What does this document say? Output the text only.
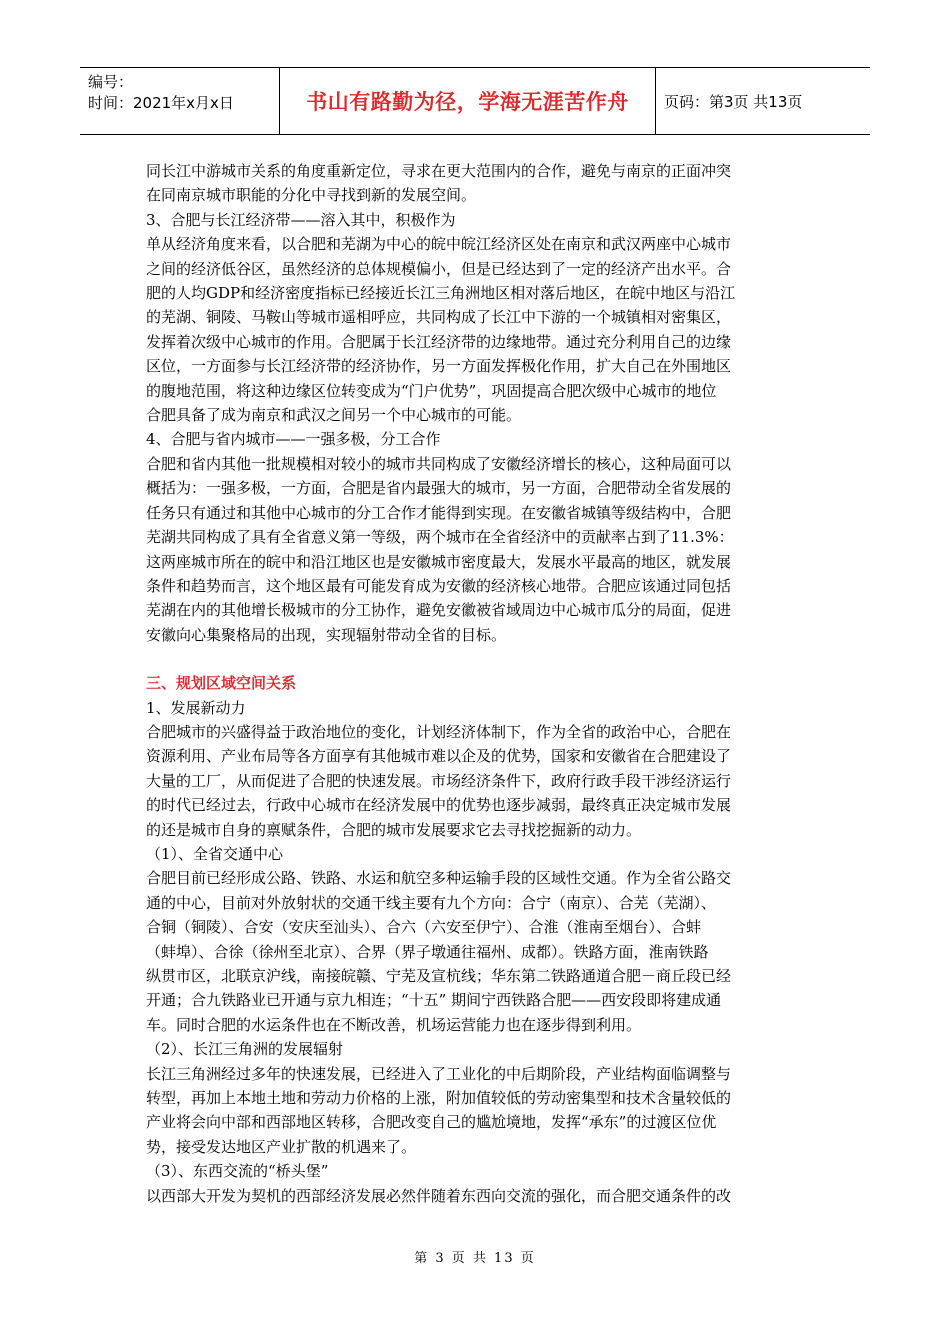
编号：
时间：2021年x月x日	书山有路勤为径，学海无涯苦作舟	页码：第3页 共13页

同长江中游城市关系的角度重新定位，寻求在更大范围内的合作，避免与南京的正面冲突

在同南京城市职能的分化中寻找到新的发展空间。

3、合肥与长江经济带——溶入其中，积极作为

单从经济角度来看，以合肥和芜湖为中心的皖中皖江经济区处在南京和武汉两座中心城市

之间的经济低谷区，虽然经济的总体规模偏小，但是已经达到了一定的经济产出水平。合

肥的人均GDP和经济密度指标已经接近长江三角洲地区相对落后地区，在皖中地区与沿江

的芜湖、铜陵、马鞍山等城市遥相呼应，共同构成了长江中下游的一个城镇相对密集区，

发挥着次级中心城市的作用。合肥属于长江经济带的边缘地带。通过充分利用自己的边缘

区位，一方面参与长江经济带的经济协作，另一方面发挥极化作用，扩大自己在外围地区

的腹地范围，将这种边缘区位转变成为“门户优势”，巩固提高合肥次级中心城市的地位

合肥具备了成为南京和武汉之间另一个中心城市的可能。

4、合肥与省内城市——一强多极，分工合作

合肥和省内其他一批规模相对较小的城市共同构成了安徽经济增长的核心，这种局面可以

概括为：一强多极，一方面，合肥是省内最强大的城市，另一方面，合肥带动全省发展的

任务只有通过和其他中心城市的分工合作才能得到实现。在安徽省城镇等级结构中，合肥

芜湖共同构成了具有全省意义第一等级，两个城市在全省经济中的贡献率占到了11.3%：

这两座城市所在的皖中和沿江地区也是安徽城市密度最大，发展水平最高的地区，就发展

条件和趋势而言，这个地区最有可能发育成为安徽的经济核心地带。合肥应该通过同包括

芜湖在内的其他增长极城市的分工协作，避免安徽被省域周边中心城市瓜分的局面，促进

安徽向心集聚格局的出现，实现辐射带动全省的目标。

三、规划区域空间关系

1、发展新动力

合肥城市的兴盛得益于政治地位的变化，计划经济体制下，作为全省的政治中心，合肥在

资源利用、产业布局等各方面享有其他城市难以企及的优势，国家和安徽省在合肥建设了

大量的工厂，从而促进了合肥的快速发展。市场经济条件下，政府行政手段干涉经济运行

的时代已经过去，行政中心城市在经济发展中的优势也逐步减弱，最终真正决定城市发展

的还是城市自身的禀赋条件，合肥的城市发展要求它去寻找挖掘新的动力。

（1）、全省交通中心

合肥目前已经形成公路、铁路、水运和航空多种运输手段的区域性交通。作为全省公路交

通的中心，目前对外放射状的交通干线主要有九个方向：合宁（南京）、合芜（芜湖）、

合铜（铜陵）、合安（安庆至汕头）、合六（六安至伊宁）、合淮（淮南至烟台）、合蚌

（蚌埠）、合徐（徐州至北京）、合界（界子墩通往福州、成都）。铁路方面，淮南铁路

纵贯市区，北联京沪线，南接皖赣、宁芜及宣杭线；华东第二铁路通道合肥－商丘段已经

开通；合九铁路业已开通与京九相连；“十五” 期间宁西铁路合肥——西安段即将建成通

车。同时合肥的水运条件也在不断改善，机场运营能力也在逐步得到利用。

（2）、长江三角洲的发展辐射

长江三角洲经过多年的快速发展，已经进入了工业化的中后期阶段，产业结构面临调整与

转型，再加上本地土地和劳动力价格的上涨，附加值较低的劳动密集型和技术含量较低的

产业将会向中部和西部地区转移，合肥改变自己的尴尬境地，发挥“承东”的过渡区位优

势，接受发达地区产业扩散的机遇来了。

（3）、东西交流的“桥头堡”

以西部大开发为契机的西部经济发展必然伴随着东西向交流的强化，而合肥交通条件的改

第 3 页 共 13 页
